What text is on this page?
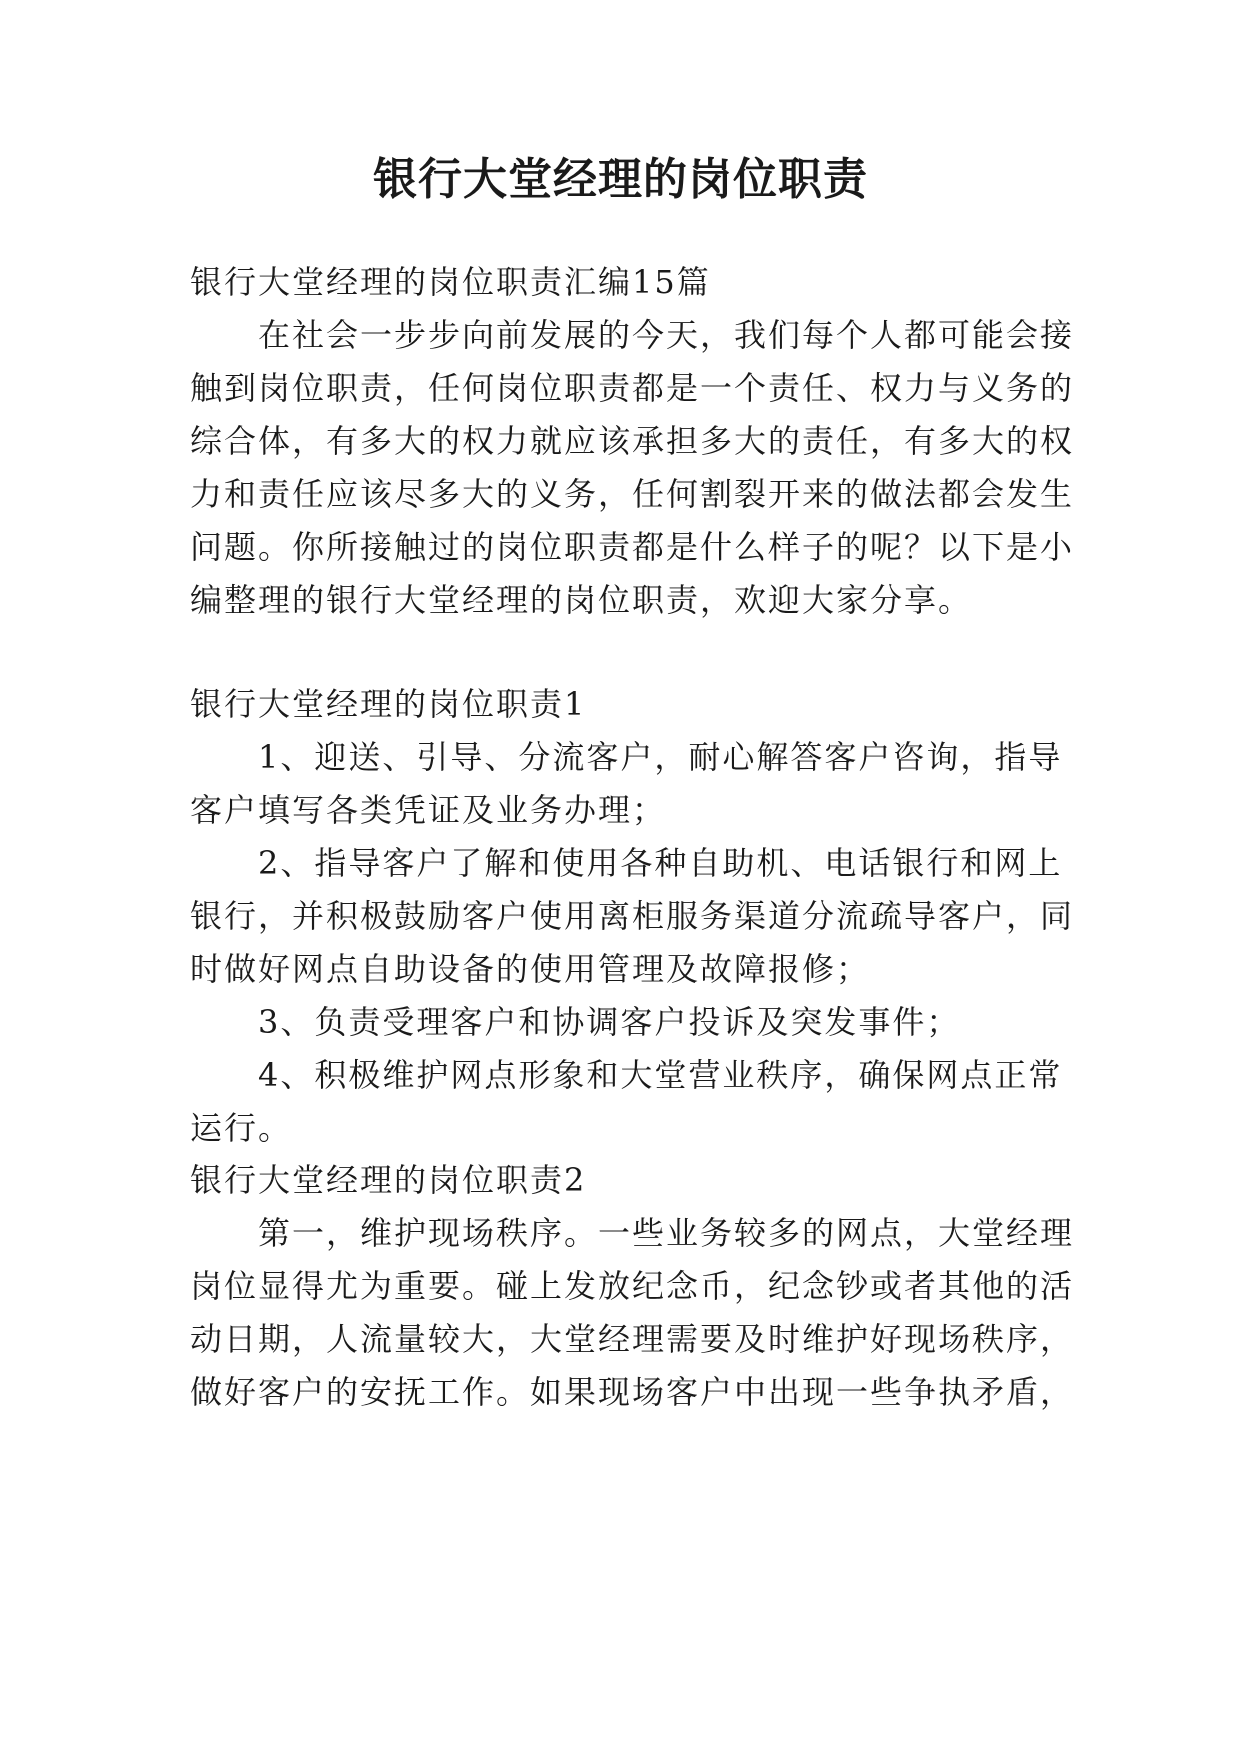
银行大堂经理的岗位职责
银行大堂经理的岗位职责汇编15篇
在社会一步步向前发展的今天，我们每个人都可能会接
触到岗位职责，任何岗位职责都是一个责任、权力与义务的
综合体，有多大的权力就应该承担多大的责任，有多大的权
力和责任应该尽多大的义务，任何割裂开来的做法都会发生
问题。你所接触过的岗位职责都是什么样子的呢？以下是小
编整理的银行大堂经理的岗位职责，欢迎大家分享。
银行大堂经理的岗位职责1
1、迎送、引导、分流客户，耐心解答客户咨询，指导
客户填写各类凭证及业务办理；
2、指导客户了解和使用各种自助机、电话银行和网上
银行，并积极鼓励客户使用离柜服务渠道分流疏导客户，同
时做好网点自助设备的使用管理及故障报修；
3、负责受理客户和协调客户投诉及突发事件；
4、积极维护网点形象和大堂营业秩序，确保网点正常
运行。
银行大堂经理的岗位职责2
第一，维护现场秩序。一些业务较多的网点，大堂经理
岗位显得尤为重要。碰上发放纪念币，纪念钞或者其他的活
动日期，人流量较大，大堂经理需要及时维护好现场秩序，
做好客户的安抚工作。如果现场客户中出现一些争执矛盾，
